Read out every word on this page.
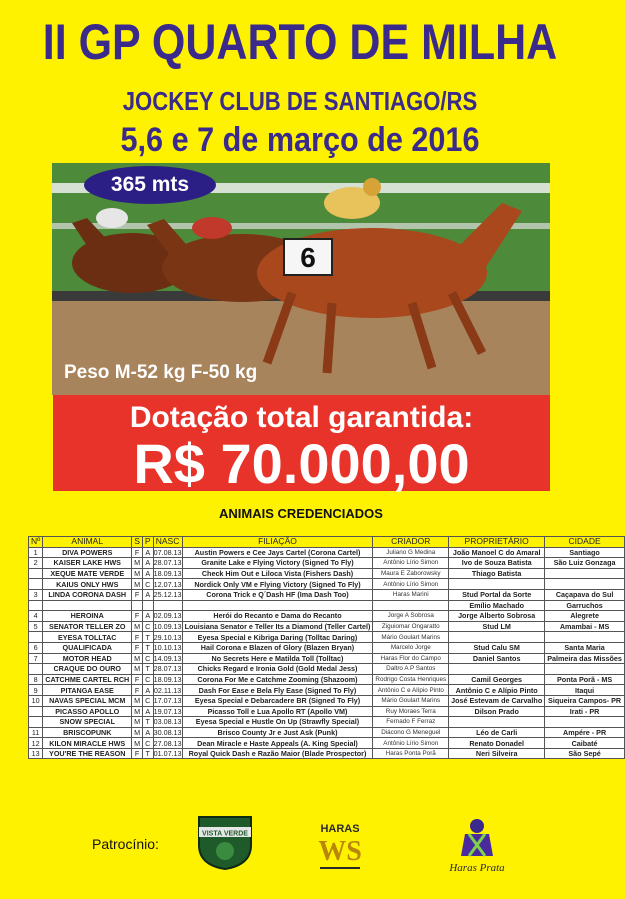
II GP QUARTO DE MILHA
JOCKEY CLUB DE SANTIAGO/RS
5,6 e 7 de março de 2016
6
365 mts
Peso M-52 kg F-50 kg
Dotação total garantida:
R$ 70.000,00
ANIMAIS CREDENCIADOS
Nº	ANIMAL	S	P	NASC	FILIAÇÃO	CRIADOR	PROPRIETÁRIO	CIDADE
1	DIVA POWERS	F	A	07.08.13	Austin Powers e Cee Jays Cartel (Corona Cartel)	Juliano G Medina	João Manoel C do Amaral	Santiago
2	KAISER LAKE HWS	M	A	28.07.13	Granite Lake e Flying Victory (Signed To Fly)	Antônio Lírio Simon	Ivo de Souza Batista	São Luiz Gonzaga
	XEQUE MATE VERDE	M	A	18.09.13	Check Him Out e Liloca Vista (Fishers Dash)	Maura E Zaborowsky	Thiago Batista	
	KAIUS ONLY HWS	M	C	12.07.13	Nordick Only VM e Flying Victory (Signed To Fly)	Antônio Lírio Simon		
3	LINDA CORONA DASH	F	A	25.12.13	Corona Trick e Q´Dash HF (Ima Dash Too)	Haras Marini	Stud Portal da Sorte	Caçapava do Sul
							Emílio Machado	Garruchos
4	HEROINA	F	A	02.09.13	Herói do Recanto e Dama do Recanto	Jorge A Sobrosa	Jorge Alberto Sobrosa	Alegrete
5	SENATOR TELLER ZO	M	C	10.09.13	Louisiana Senator e Teller Its a Diamond (Teller Cartel)	Ziguiomar Ongaratto	Stud LM	Amambai - MS
	EYESA TOLLTAC	F	T	29.10.13	Eyesa Special e Kibriga Daring (Tolltac Daring)	Mário Goulart Marins		
6	QUALIFICADA	F	T	10.10.13	Hail Corona e Blazen of Glory (Blazen Bryan)	Marcelo Jorge	Stud Calu SM	Santa Maria
7	MOTOR HEAD	M	C	14.09.13	No Secrets Here e Matilda Toll (Tolltac)	Haras Flor do Campo	Daniel Santos	Palmeira das Missões
	CRAQUE DO OURO	M	T	28.07.13	Chicks Regard e Ironia Gold (Gold Medal Jess)	Daltro A P Santos		
8	CATCHME CARTEL RCH	F	C	18.09.13	Corona For Me e Catchme Zooming (Shazoom)	Rodrigo Costa Henriques	Camil Georges	Ponta Porã - MS
9	PITANGA EASE	F	A	02.11.13	Dash For Ease e Bela Fly Ease (Signed To Fly)	Antônio C e Alípio Pinto	Antônio C e Alípio Pinto	Itaqui
10	NAVAS SPECIAL MCM	M	C	17.07.13	Eyesa Special e Debarcadere BR (Signed To Fly)	Mário Goulart Marins	José Estevam de Carvalho	Siqueira Campos- PR
	PICASSO APOLLO	M	A	19.07.13	Picasso Toll e Lua Apollo RT (Apollo VM)	Ruy Moraes Terra	Dilson Prado	Irati - PR
	SNOW SPECIAL	M	T	03.08.13	Eyesa Special e Hustle On Up (Strawfly Special)	Fernado F Ferraz		
11	BRISCOPUNK	M	A	30.08.13	Brisco County Jr e Just Ask (Punk)	Diácono G Meneguel	Léo de Carli	Ampére - PR
12	KILON MIRACLE HWS	M	C	27.08.13	Dean Miracle e Haste Appeals (A. King Special)	Antônio Lírio Simon	Renato Donadel	Caibaté
13	YOU'RE THE REASON	F	T	01.07.13	Royal Quick Dash e Razão Maior (Blade Prospector)	Haras Ponta Porã	Neri Silveira	São Sepé
Patrocínio:
VISTA VERDE	HARAS
WS
Haras Prata
